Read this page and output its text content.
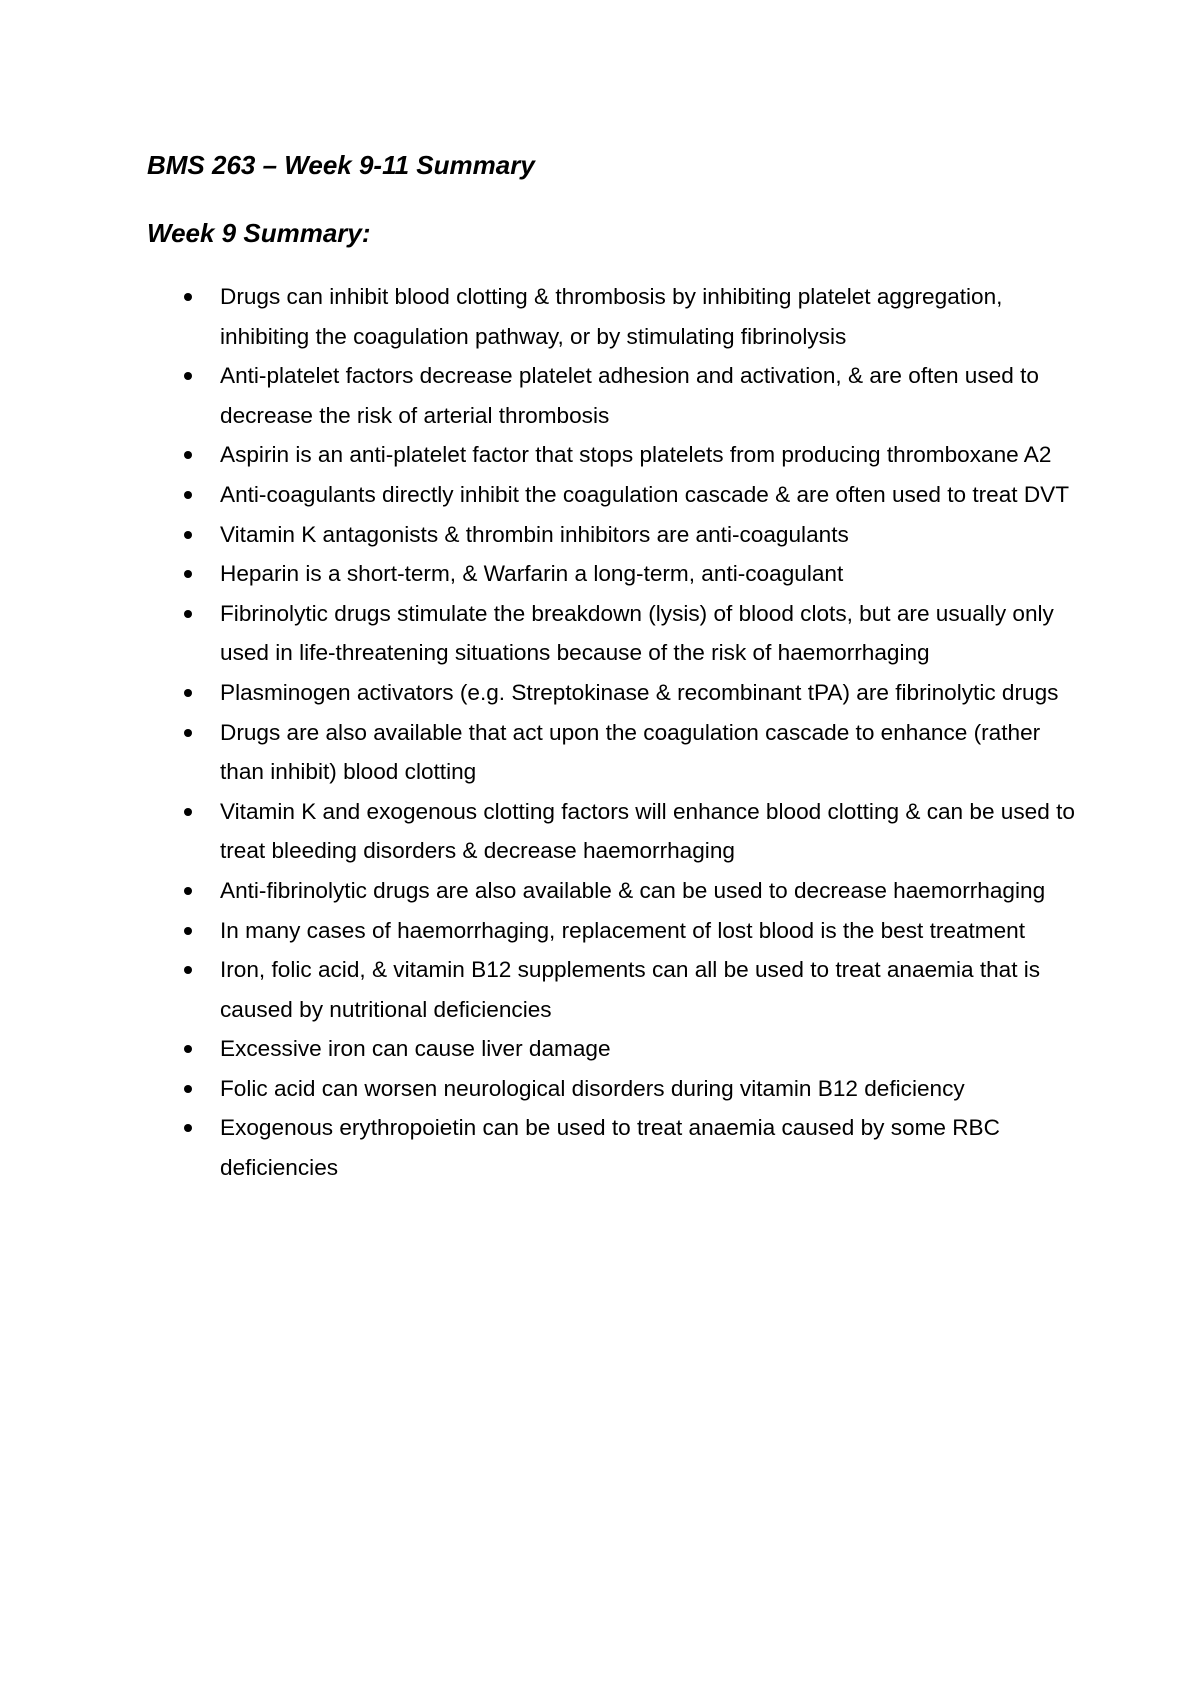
BMS 263 – Week 9-11 Summary
Week 9 Summary:
Drugs can inhibit blood clotting & thrombosis by inhibiting platelet aggregation, inhibiting the coagulation pathway, or by stimulating fibrinolysis
Anti-platelet factors decrease platelet adhesion and activation, & are often used to decrease the risk of arterial thrombosis
Aspirin is an anti-platelet factor that stops platelets from producing thromboxane A2
Anti-coagulants directly inhibit the coagulation cascade & are often used to treat DVT
Vitamin K antagonists & thrombin inhibitors are anti-coagulants
Heparin is a short-term, & Warfarin a long-term, anti-coagulant
Fibrinolytic drugs stimulate the breakdown (lysis) of blood clots, but are usually only used in life-threatening situations because of the risk of haemorrhaging
Plasminogen activators (e.g. Streptokinase & recombinant tPA) are fibrinolytic drugs
Drugs are also available that act upon the coagulation cascade to enhance (rather than inhibit) blood clotting
Vitamin K and exogenous clotting factors will enhance blood clotting & can be used to treat bleeding disorders & decrease haemorrhaging
Anti-fibrinolytic drugs are also available & can be used to decrease haemorrhaging
In many cases of haemorrhaging, replacement of lost blood is the best treatment
Iron, folic acid, & vitamin B12 supplements can all be used to treat anaemia that is caused by nutritional deficiencies
Excessive iron can cause liver damage
Folic acid can worsen neurological disorders during vitamin B12 deficiency
Exogenous erythropoietin can be used to treat anaemia caused by some RBC deficiencies
